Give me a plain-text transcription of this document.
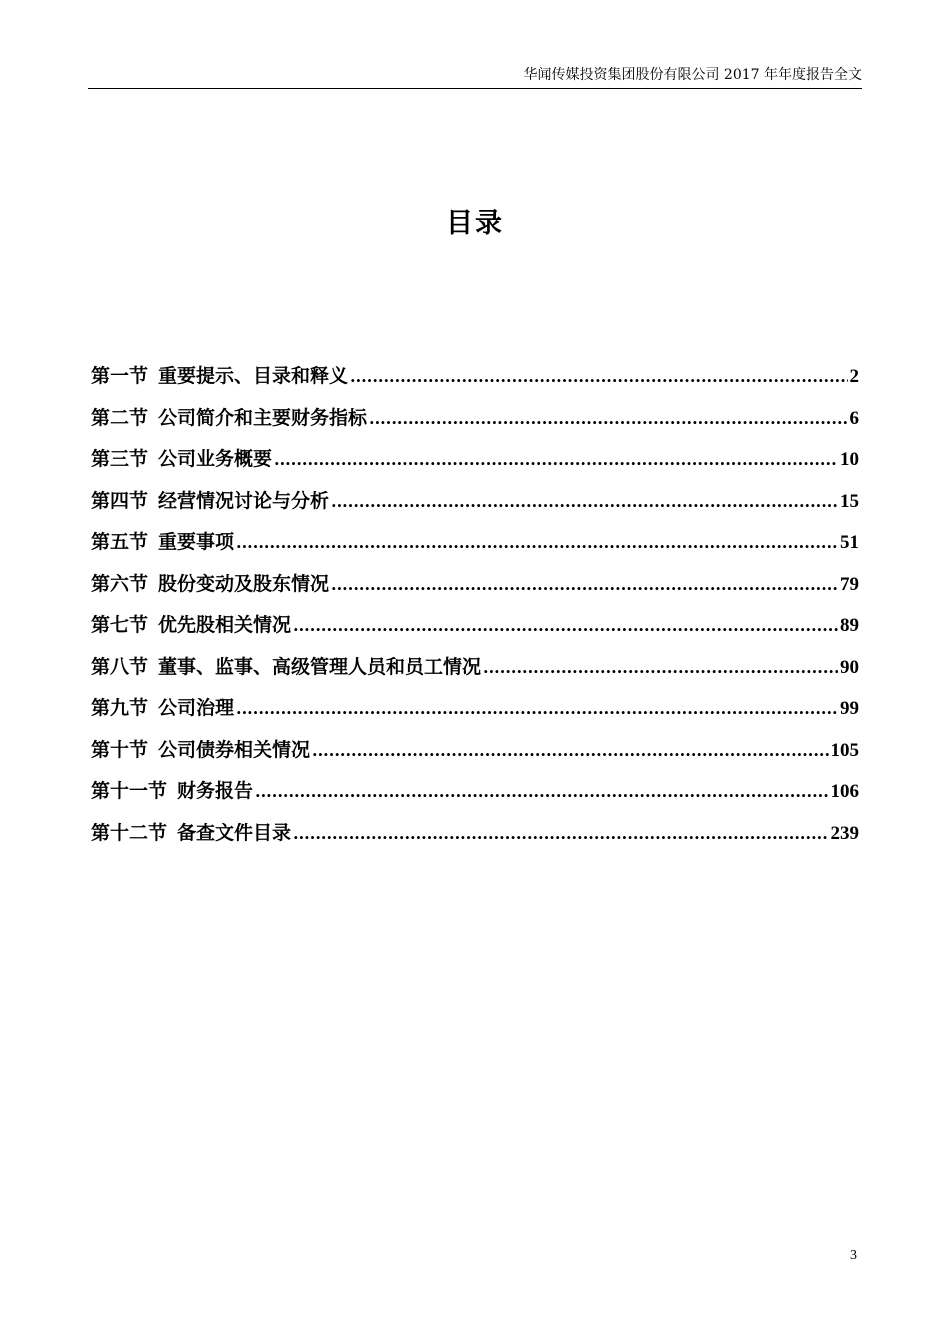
华闻传媒投资集团股份有限公司 2017 年年度报告全文
目录
第一节 重要提示、目录和释义 .....	2
第二节 公司简介和主要财务指标 .....	6
第三节 公司业务概要 .....	10
第四节 经营情况讨论与分析 .....	15
第五节 重要事项 .....	51
第六节 股份变动及股东情况 .....	79
第七节 优先股相关情况 .....	89
第八节 董事、监事、高级管理人员和员工情况 .....	90
第九节 公司治理 .....	99
第十节 公司债券相关情况 .....	105
第十一节 财务报告 .....	106
第十二节 备查文件目录 .....	239
3
